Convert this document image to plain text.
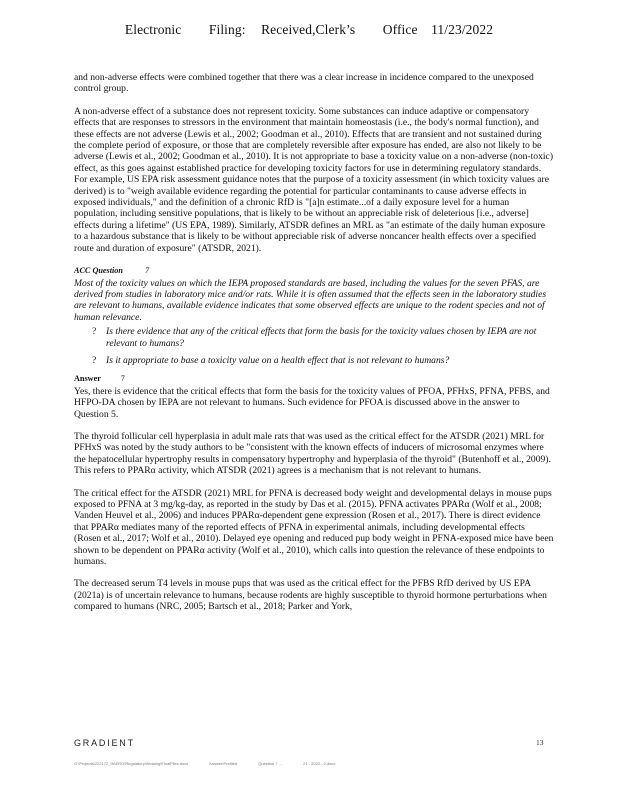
Electronic Filing: Received,Clerk’s Office 11/23/2022

and non-adverse effects were combined together that there was a clear increase in incidence compared to the unexposed control group.

A non-adverse effect of a substance does not represent toxicity. Some substances can induce adaptive or compensatory effects that are responses to stressors in the environment that maintain homeostasis (i.e., the body's normal function), and these effects are not adverse (Lewis et al., 2002; Goodman et al., 2010). Effects that are transient and not sustained during the complete period of exposure, or those that are completely reversible after exposure has ended, are also not likely to be adverse (Lewis et al., 2002; Goodman et al., 2010). It is not appropriate to base a toxicity value on a non-adverse (non-toxic) effect, as this goes against established practice for developing toxicity factors for use in determining regulatory standards. For example, US EPA risk assessment guidance notes that the purpose of a toxicity assessment (in which toxicity values are derived) is to "weigh available evidence regarding the potential for particular contaminants to cause adverse effects in exposed individuals," and the definition of a chronic RfD is "[a]n estimate...of a daily exposure level for a human population, including sensitive populations, that is likely to be without an appreciable risk of deleterious [i.e., adverse] effects during a lifetime" (US EPA, 1989). Similarly, ATSDR defines an MRL as "an estimate of the daily human exposure to a hazardous substance that is likely to be without appreciable risk of adverse noncancer health effects over a specified route and duration of exposure" (ATSDR, 2021).

ACC Question	7

Most of the toxicity values on which the IEPA proposed standards are based, including the values for the seven PFAS, are derived from studies in laboratory mice and/or rats. While it is often assumed that the effects seen in the laboratory studies are relevant to humans, available evidence indicates that some observed effects are unique to the rodent species and not of human relevance.

?	Is there evidence that any of the critical effects that form the basis for the toxicity values chosen by IEPA are not relevant to humans?
?	Is it appropriate to base a toxicity value on a health effect that is not relevant to humans?
Answer 7

Yes, there is evidence that the critical effects that form the basis for the toxicity values of PFOA, PFHxS, PFNA, PFBS, and HFPO-DA chosen by IEPA are not relevant to humans. Such evidence for PFOA is discussed above in the answer to Question 5.

The thyroid follicular cell hyperplasia in adult male rats that was used as the critical effect for the ATSDR (2021) MRL for PFHxS was noted by the study authors to be "consistent with the known effects of inducers of microsomal enzymes where the hepatocellular hypertrophy results in compensatory hypertrophy and hyperplasia of the thyroid" (Butenhoff et al., 2009). This refers to PPARα activity, which ATSDR (2021) agrees is a mechanism that is not relevant to humans.

The critical effect for the ATSDR (2021) MRL for PFNA is decreased body weight and developmental delays in mouse pups exposed to PFNA at 3 mg/kg-day, as reported in the study by Das et al. (2015). PFNA activates PPARα (Wolf et al., 2008; Vanden Heuvel et al., 2006) and induces PPARα-dependent gene expression (Rosen et al., 2017). There is direct evidence that PPARα mediates many of the reported effects of PFNA in experimental animals, including developmental effects (Rosen et al., 2017; Wolf et al., 2010). Delayed eye opening and reduced pup body weight in PFNA-exposed mice have been shown to be dependent on PPARα activity (Wolf et al., 2010), which calls into question the relevance of these endpoints to humans.

The decreased serum T4 levels in mouse pups that was used as the critical effect for the PFBS RfD derived by US EPA (2021a) is of uncertain relevance to humans, because rodents are highly susceptible to thyroid hormone perturbations when compared to humans (NRC, 2005; Bartsch et al., 2018; Parker and York,

GRADIENT	13
G:\Projects\222172_IN\ERG\Regulatory\Working\FinalFiles.docx	Answer\Prefiled	Question 7 ...	21 - 2022 - 2.docx
